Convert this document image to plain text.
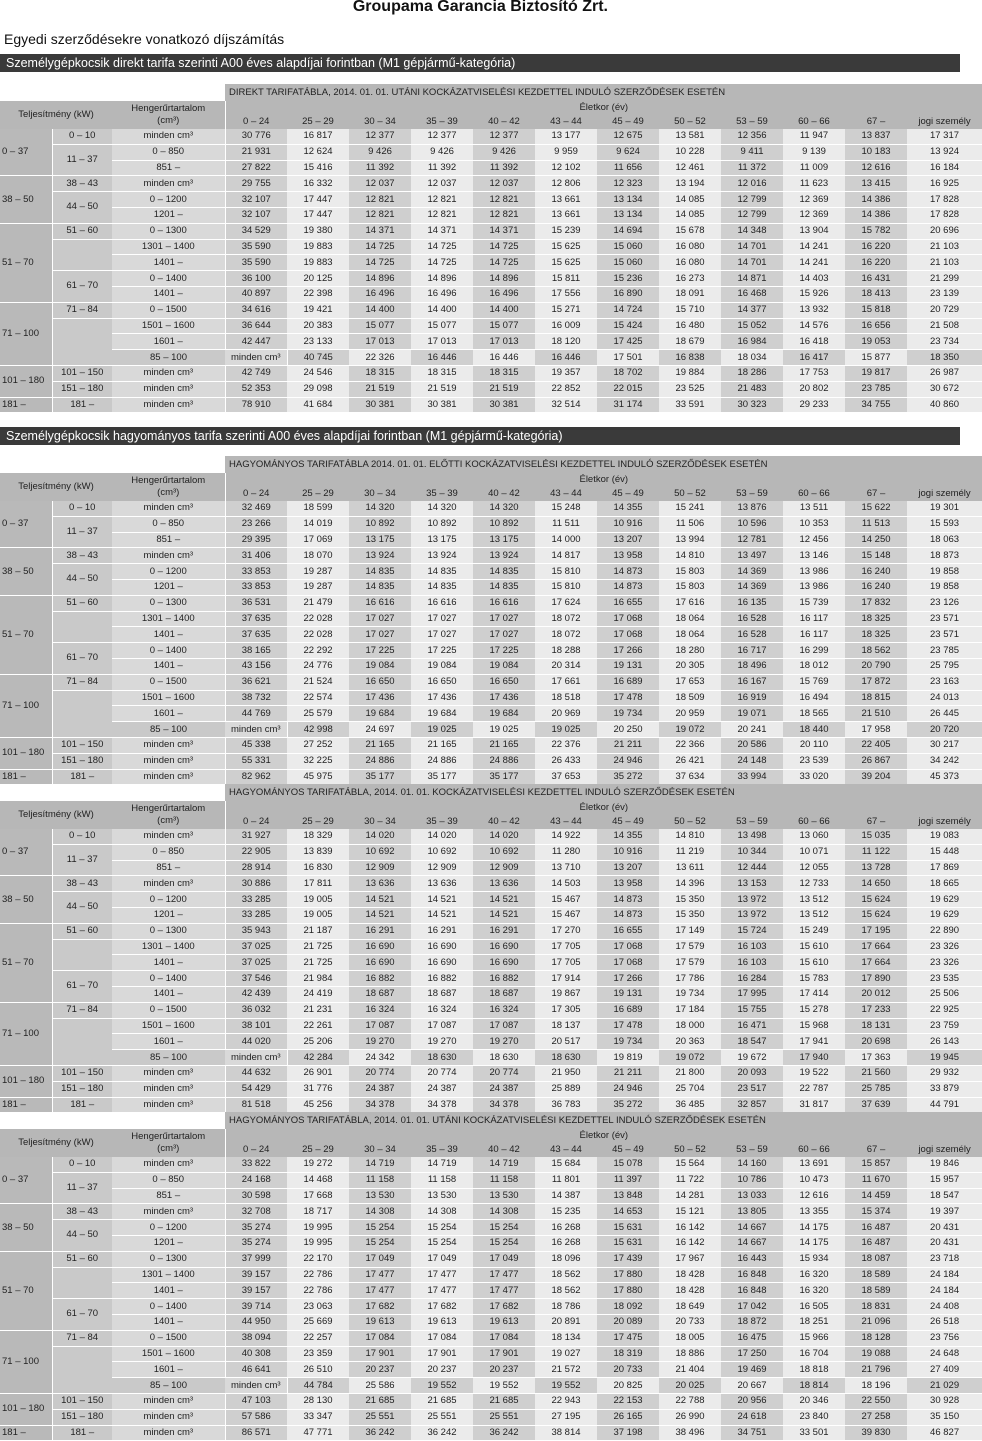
Groupama Garancia Biztosító Zrt.

Egyedi szerződésekre vonatkozó díjszámítás

Személygépkocsik direkt tarifa szerinti A00 éves alapdíjai forintban (M1 gépjármű-kategória)
Személygépkocsik hagyományos tarifa szerinti A00 éves alapdíjai forintban (M1 gépjármű-kategória)
			DIREKT TARIFATÁBLA, 2014. 01. 01. UTÁNI KOCKÁZATVISELÉSI KEZDETTEL INDULÓ SZERZŐDÉSEK ESETÉN												
Teljesítmény (kW)		Hengerűrtartalom
(cm³)	Életkor (év)												
			0 – 24	25 – 29	30 – 34	35 – 39	40 – 42	43 – 44	45 – 49	50 – 52	53 – 59	60 – 66	67 –	jogi személy	
0 – 37	0 – 10	minden cm³	30 776	16 817	12 377	12 377	12 377	13 177	12 675	13 581	12 356	11 947	13 837	17 317	
	11 – 37	0 – 850	21 931	12 624	9 426	9 426	9 426	9 959	9 624	10 228	9 411	9 139	10 183	13 924	
		851 –	27 822	15 416	11 392	11 392	11 392	12 102	11 656	12 461	11 372	11 009	12 616	16 184	
38 – 50	38 – 43	minden cm³	29 755	16 332	12 037	12 037	12 037	12 806	12 323	13 194	12 016	11 623	13 415	16 925	
	44 – 50	0 – 1200	32 107	17 447	12 821	12 821	12 821	13 661	13 134	14 085	12 799	12 369	14 386	17 828	
		1201 –	32 107	17 447	12 821	12 821	12 821	13 661	13 134	14 085	12 799	12 369	14 386	17 828	
51 – 70	51 – 60	0 – 1300	34 529	19 380	14 371	14 371	14 371	15 239	14 694	15 678	14 348	13 904	15 782	20 696	
		1301 – 1400	35 590	19 883	14 725	14 725	14 725	15 625	15 060	16 080	14 701	14 241	16 220	21 103	
		1401 –	35 590	19 883	14 725	14 725	14 725	15 625	15 060	16 080	14 701	14 241	16 220	21 103	
	61 – 70	0 – 1400	36 100	20 125	14 896	14 896	14 896	15 811	15 236	16 273	14 871	14 403	16 431	21 299	
		1401 –	40 897	22 398	16 496	16 496	16 496	17 556	16 890	18 091	16 468	15 926	18 413	23 139	
71 – 100	71 – 84	0 – 1500	34 616	19 421	14 400	14 400	14 400	15 271	14 724	15 710	14 377	13 932	15 818	20 729	
		1501 – 1600	36 644	20 383	15 077	15 077	15 077	16 009	15 424	16 480	15 052	14 576	16 656	21 508	
		1601 –	42 447	23 133	17 013	17 013	17 013	18 120	17 425	18 679	16 984	16 418	19 053	23 734	
		85 – 100	minden cm³	40 745	22 326	16 446	16 446	16 446	17 501	16 838	18 034	16 417	15 877	18 350	
101 – 180	101 – 150	minden cm³	42 749	24 546	18 315	18 315	18 315	19 357	18 702	19 884	18 286	17 753	19 817	26 987	
	151 – 180	minden cm³	52 353	29 098	21 519	21 519	21 519	22 852	22 015	23 525	21 483	20 802	23 785	30 672	
181 –	181 –	minden cm³	78 910	41 684	30 381	30 381	30 381	32 514	31 174	33 591	30 323	29 233	34 755	40 860	
			HAGYOMÁNYOS TARIFATÁBLA 2014. 01. 01. ELŐTTI KOCKÁZATVISELÉSI KEZDETTEL INDULÓ SZERZŐDÉSEK ESETÉN												
Teljesítmény (kW)		Hengerűrtartalom
(cm³)	Életkor (év)												
			0 – 24	25 – 29	30 – 34	35 – 39	40 – 42	43 – 44	45 – 49	50 – 52	53 – 59	60 – 66	67 –	jogi személy	
0 – 37	0 – 10	minden cm³	32 469	18 599	14 320	14 320	14 320	15 248	14 355	15 241	13 876	13 511	15 622	19 301	
	11 – 37	0 – 850	23 266	14 019	10 892	10 892	10 892	11 511	10 916	11 506	10 596	10 353	11 513	15 593	
		851 –	29 395	17 069	13 175	13 175	13 175	14 000	13 207	13 994	12 781	12 456	14 250	18 063	
38 – 50	38 – 43	minden cm³	31 406	18 070	13 924	13 924	13 924	14 817	13 958	14 810	13 497	13 146	15 148	18 873	
	44 – 50	0 – 1200	33 853	19 287	14 835	14 835	14 835	15 810	14 873	15 803	14 369	13 986	16 240	19 858	
		1201 –	33 853	19 287	14 835	14 835	14 835	15 810	14 873	15 803	14 369	13 986	16 240	19 858	
51 – 70	51 – 60	0 – 1300	36 531	21 479	16 616	16 616	16 616	17 624	16 655	17 616	16 135	15 739	17 832	23 126	
		1301 – 1400	37 635	22 028	17 027	17 027	17 027	18 072	17 068	18 064	16 528	16 117	18 325	23 571	
		1401 –	37 635	22 028	17 027	17 027	17 027	18 072	17 068	18 064	16 528	16 117	18 325	23 571	
	61 – 70	0 – 1400	38 165	22 292	17 225	17 225	17 225	18 288	17 266	18 280	16 717	16 299	18 562	23 785	
		1401 –	43 156	24 776	19 084	19 084	19 084	20 314	19 131	20 305	18 496	18 012	20 790	25 795	
71 – 100	71 – 84	0 – 1500	36 621	21 524	16 650	16 650	16 650	17 661	16 689	17 653	16 167	15 769	17 872	23 163	
		1501 – 1600	38 732	22 574	17 436	17 436	17 436	18 518	17 478	18 509	16 919	16 494	18 815	24 013	
		1601 –	44 769	25 579	19 684	19 684	19 684	20 969	19 734	20 959	19 071	18 565	21 510	26 445	
		85 – 100	minden cm³	42 998	24 697	19 025	19 025	19 025	20 250	19 072	20 241	18 440	17 958	20 720	
101 – 180	101 – 150	minden cm³	45 338	27 252	21 165	21 165	21 165	22 376	21 211	22 366	20 586	20 110	22 405	30 217	
	151 – 180	minden cm³	55 331	32 225	24 886	24 886	24 886	26 433	24 946	26 421	24 148	23 539	26 867	34 242	
181 –	181 –	minden cm³	82 962	45 975	35 177	35 177	35 177	37 653	35 272	37 634	33 994	33 020	39 204	45 373	
			HAGYOMÁNYOS TARIFATÁBLA, 2014. 01. 01. KOCKÁZATVISELÉSI KEZDETTEL INDULÓ SZERZŐDÉSEK ESETÉN												
Teljesítmény (kW)		Hengerűrtartalom
(cm³)	Életkor (év)												
			0 – 24	25 – 29	30 – 34	35 – 39	40 – 42	43 – 44	45 – 49	50 – 52	53 – 59	60 – 66	67 –	jogi személy	
0 – 37	0 – 10	minden cm³	31 927	18 329	14 020	14 020	14 020	14 922	14 355	14 810	13 498	13 060	15 035	19 083	
	11 – 37	0 – 850	22 905	13 839	10 692	10 692	10 692	11 280	10 916	11 219	10 344	10 071	11 122	15 448	
		851 –	28 914	16 830	12 909	12 909	12 909	13 710	13 207	13 611	12 444	12 055	13 728	17 869	
38 – 50	38 – 43	minden cm³	30 886	17 811	13 636	13 636	13 636	14 503	13 958	14 396	13 153	12 733	14 650	18 665	
	44 – 50	0 – 1200	33 285	19 005	14 521	14 521	14 521	15 467	14 873	15 350	13 972	13 512	15 624	19 629	
		1201 –	33 285	19 005	14 521	14 521	14 521	15 467	14 873	15 350	13 972	13 512	15 624	19 629	
51 – 70	51 – 60	0 – 1300	35 943	21 187	16 291	16 291	16 291	17 270	16 655	17 149	15 724	15 249	17 195	22 890	
		1301 – 1400	37 025	21 725	16 690	16 690	16 690	17 705	17 068	17 579	16 103	15 610	17 664	23 326	
		1401 –	37 025	21 725	16 690	16 690	16 690	17 705	17 068	17 579	16 103	15 610	17 664	23 326	
	61 – 70	0 – 1400	37 546	21 984	16 882	16 882	16 882	17 914	17 266	17 786	16 284	15 783	17 890	23 535	
		1401 –	42 439	24 419	18 687	18 687	18 687	19 867	19 131	19 734	17 995	17 414	20 012	25 506	
71 – 100	71 – 84	0 – 1500	36 032	21 231	16 324	16 324	16 324	17 305	16 689	17 184	15 755	15 278	17 233	22 925	
		1501 – 1600	38 101	22 261	17 087	17 087	17 087	18 137	17 478	18 000	16 471	15 968	18 131	23 759	
		1601 –	44 020	25 206	19 270	19 270	19 270	20 517	19 734	20 363	18 547	17 941	20 698	26 143	
		85 – 100	minden cm³	42 284	24 342	18 630	18 630	18 630	19 819	19 072	19 672	17 940	17 363	19 945	
101 – 180	101 – 150	minden cm³	44 632	26 901	20 774	20 774	20 774	21 950	21 211	21 800	20 093	19 522	21 560	29 932	
	151 – 180	minden cm³	54 429	31 776	24 387	24 387	24 387	25 889	24 946	25 704	23 517	22 787	25 785	33 879	
181 –	181 –	minden cm³	81 518	45 256	34 378	34 378	34 378	36 783	35 272	36 485	32 857	31 817	37 639	44 791	
			HAGYOMÁNYOS TARIFATÁBLA, 2014. 01. 01. UTÁNI KOCKÁZATVISELÉSI KEZDETTEL INDULÓ SZERZŐDÉSEK ESETÉN												
Teljesítmény (kW)		Hengerűrtartalom
(cm³)	Életkor (év)												
			0 – 24	25 – 29	30 – 34	35 – 39	40 – 42	43 – 44	45 – 49	50 – 52	53 – 59	60 – 66	67 –	jogi személy	
0 – 37	0 – 10	minden cm³	33 822	19 272	14 719	14 719	14 719	15 684	15 078	15 564	14 160	13 691	15 857	19 846	
	11 – 37	0 – 850	24 168	14 468	11 158	11 158	11 158	11 801	11 397	11 722	10 786	10 473	11 670	15 957	
		851 –	30 598	17 668	13 530	13 530	13 530	14 387	13 848	14 281	13 033	12 616	14 459	18 547	
38 – 50	38 – 43	minden cm³	32 708	18 717	14 308	14 308	14 308	15 235	14 653	15 121	13 805	13 355	15 374	19 397	
	44 – 50	0 – 1200	35 274	19 995	15 254	15 254	15 254	16 268	15 631	16 142	14 667	14 175	16 487	20 431	
		1201 –	35 274	19 995	15 254	15 254	15 254	16 268	15 631	16 142	14 667	14 175	16 487	20 431	
51 – 70	51 – 60	0 – 1300	37 999	22 170	17 049	17 049	17 049	18 096	17 439	17 967	16 443	15 934	18 087	23 718	
		1301 – 1400	39 157	22 786	17 477	17 477	17 477	18 562	17 880	18 428	16 848	16 320	18 589	24 184	
		1401 –	39 157	22 786	17 477	17 477	17 477	18 562	17 880	18 428	16 848	16 320	18 589	24 184	
	61 – 70	0 – 1400	39 714	23 063	17 682	17 682	17 682	18 786	18 092	18 649	17 042	16 505	18 831	24 408	
		1401 –	44 950	25 669	19 613	19 613	19 613	20 891	20 089	20 733	18 872	18 251	21 096	26 518	
71 – 100	71 – 84	0 – 1500	38 094	22 257	17 084	17 084	17 084	18 134	17 475	18 005	16 475	15 966	18 128	23 756	
		1501 – 1600	40 308	23 359	17 901	17 901	17 901	19 027	18 319	18 886	17 250	16 704	19 088	24 648	
		1601 –	46 641	26 510	20 237	20 237	20 237	21 572	20 733	21 404	19 469	18 818	21 796	27 409	
		85 – 100	minden cm³	44 784	25 586	19 552	19 552	19 552	20 825	20 025	20 667	18 814	18 196	21 029	
101 – 180	101 – 150	minden cm³	47 103	28 130	21 685	21 685	21 685	22 943	22 153	22 788	20 956	20 346	22 550	30 928	
	151 – 180	minden cm³	57 586	33 347	25 551	25 551	25 551	27 195	26 165	26 990	24 618	23 840	27 258	35 150	
181 –	181 –	minden cm³	86 571	47 771	36 242	36 242	36 242	38 814	37 198	38 496	34 751	33 501	39 830	46 827	
